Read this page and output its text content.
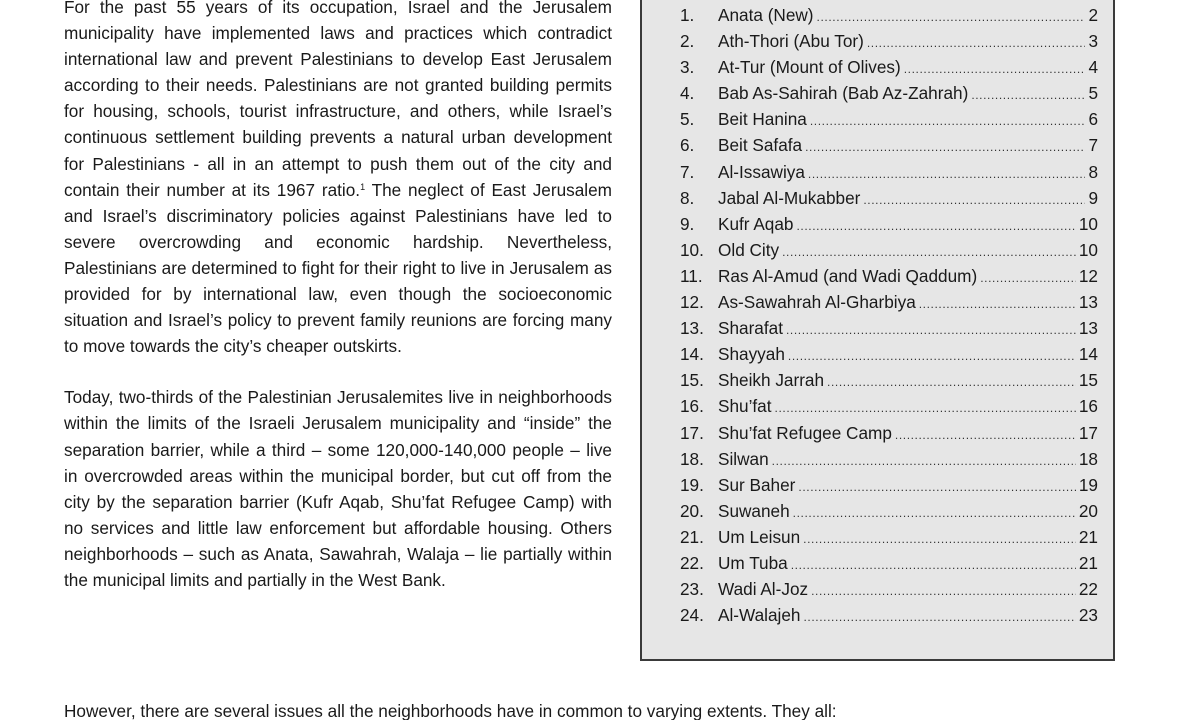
For the past 55 years of its occupation, Israel and the Jerusalem municipality have implemented laws and practices which contradict international law and prevent Palestinians to develop East Jerusalem according to their needs. Palestinians are not granted building permits for housing, schools, tourist infrastructure, and others, while Israel’s continuous settlement building prevents a natural urban development for Palestinians - all in an attempt to push them out of the city and contain their number at its 1967 ratio.$^1$ The neglect of East Jerusalem and Israel’s discriminatory policies against Palestinians have led to severe overcrowding and economic hardship. Nevertheless, Palestinians are determined to fight for their right to live in Jerusalem as provided for by international law, even though the socioeconomic situation and Israel’s policy to prevent family reunions are forcing many to move towards the city’s cheaper outskirts.

Today, two-thirds of the Palestinian Jerusalemites live in neighborhoods within the limits of the Israeli Jerusalem municipality and “inside” the separation barrier, while a third – some 120,000-140,000 people – live in overcrowded areas within the municipal border, but cut off from the city by the separation barrier (Kufr Aqab, Shu’fat Refugee Camp) with no services and little law enforcement but affordable housing. Others neighborhoods – such as Anata, Sawahrah, Walaja – lie partially within the municipal limits and partially in the West Bank.

However, there are several issues all the neighborhoods have in common to varying extents. They all:
1.	Anata (New) .....	2
2.	Ath-Thori (Abu Tor) .....	3
3.	At-Tur (Mount of Olives) .....	4
4.	Bab As-Sahirah (Bab Az-Zahrah) .....	5
5.	Beit Hanina .....	6
6.	Beit Safafa .....	7
7.	Al-Issawiya .....	8
8.	Jabal Al-Mukabber .....	9
9.	Kufr Aqab .....	10
10. Old City .....	10
11. Ras Al-Amud (and Wadi Qaddum) .....	12
12. As-Sawahrah Al-Gharbiya .....	13
13. Sharafat .....	13
14. Shayyah .....	14
15. Sheikh Jarrah .....	15
16. Shu’fat .....	16
17. Shu’fat Refugee Camp .....	17
18. Silwan .....	18
19. Sur Baher .....	19
20. Suwaneh .....	20
21. Um Leisun .....	21
22. Um Tuba .....	21
23. Wadi Al-Joz .....	22
24. Al-Walajeh .....	23
